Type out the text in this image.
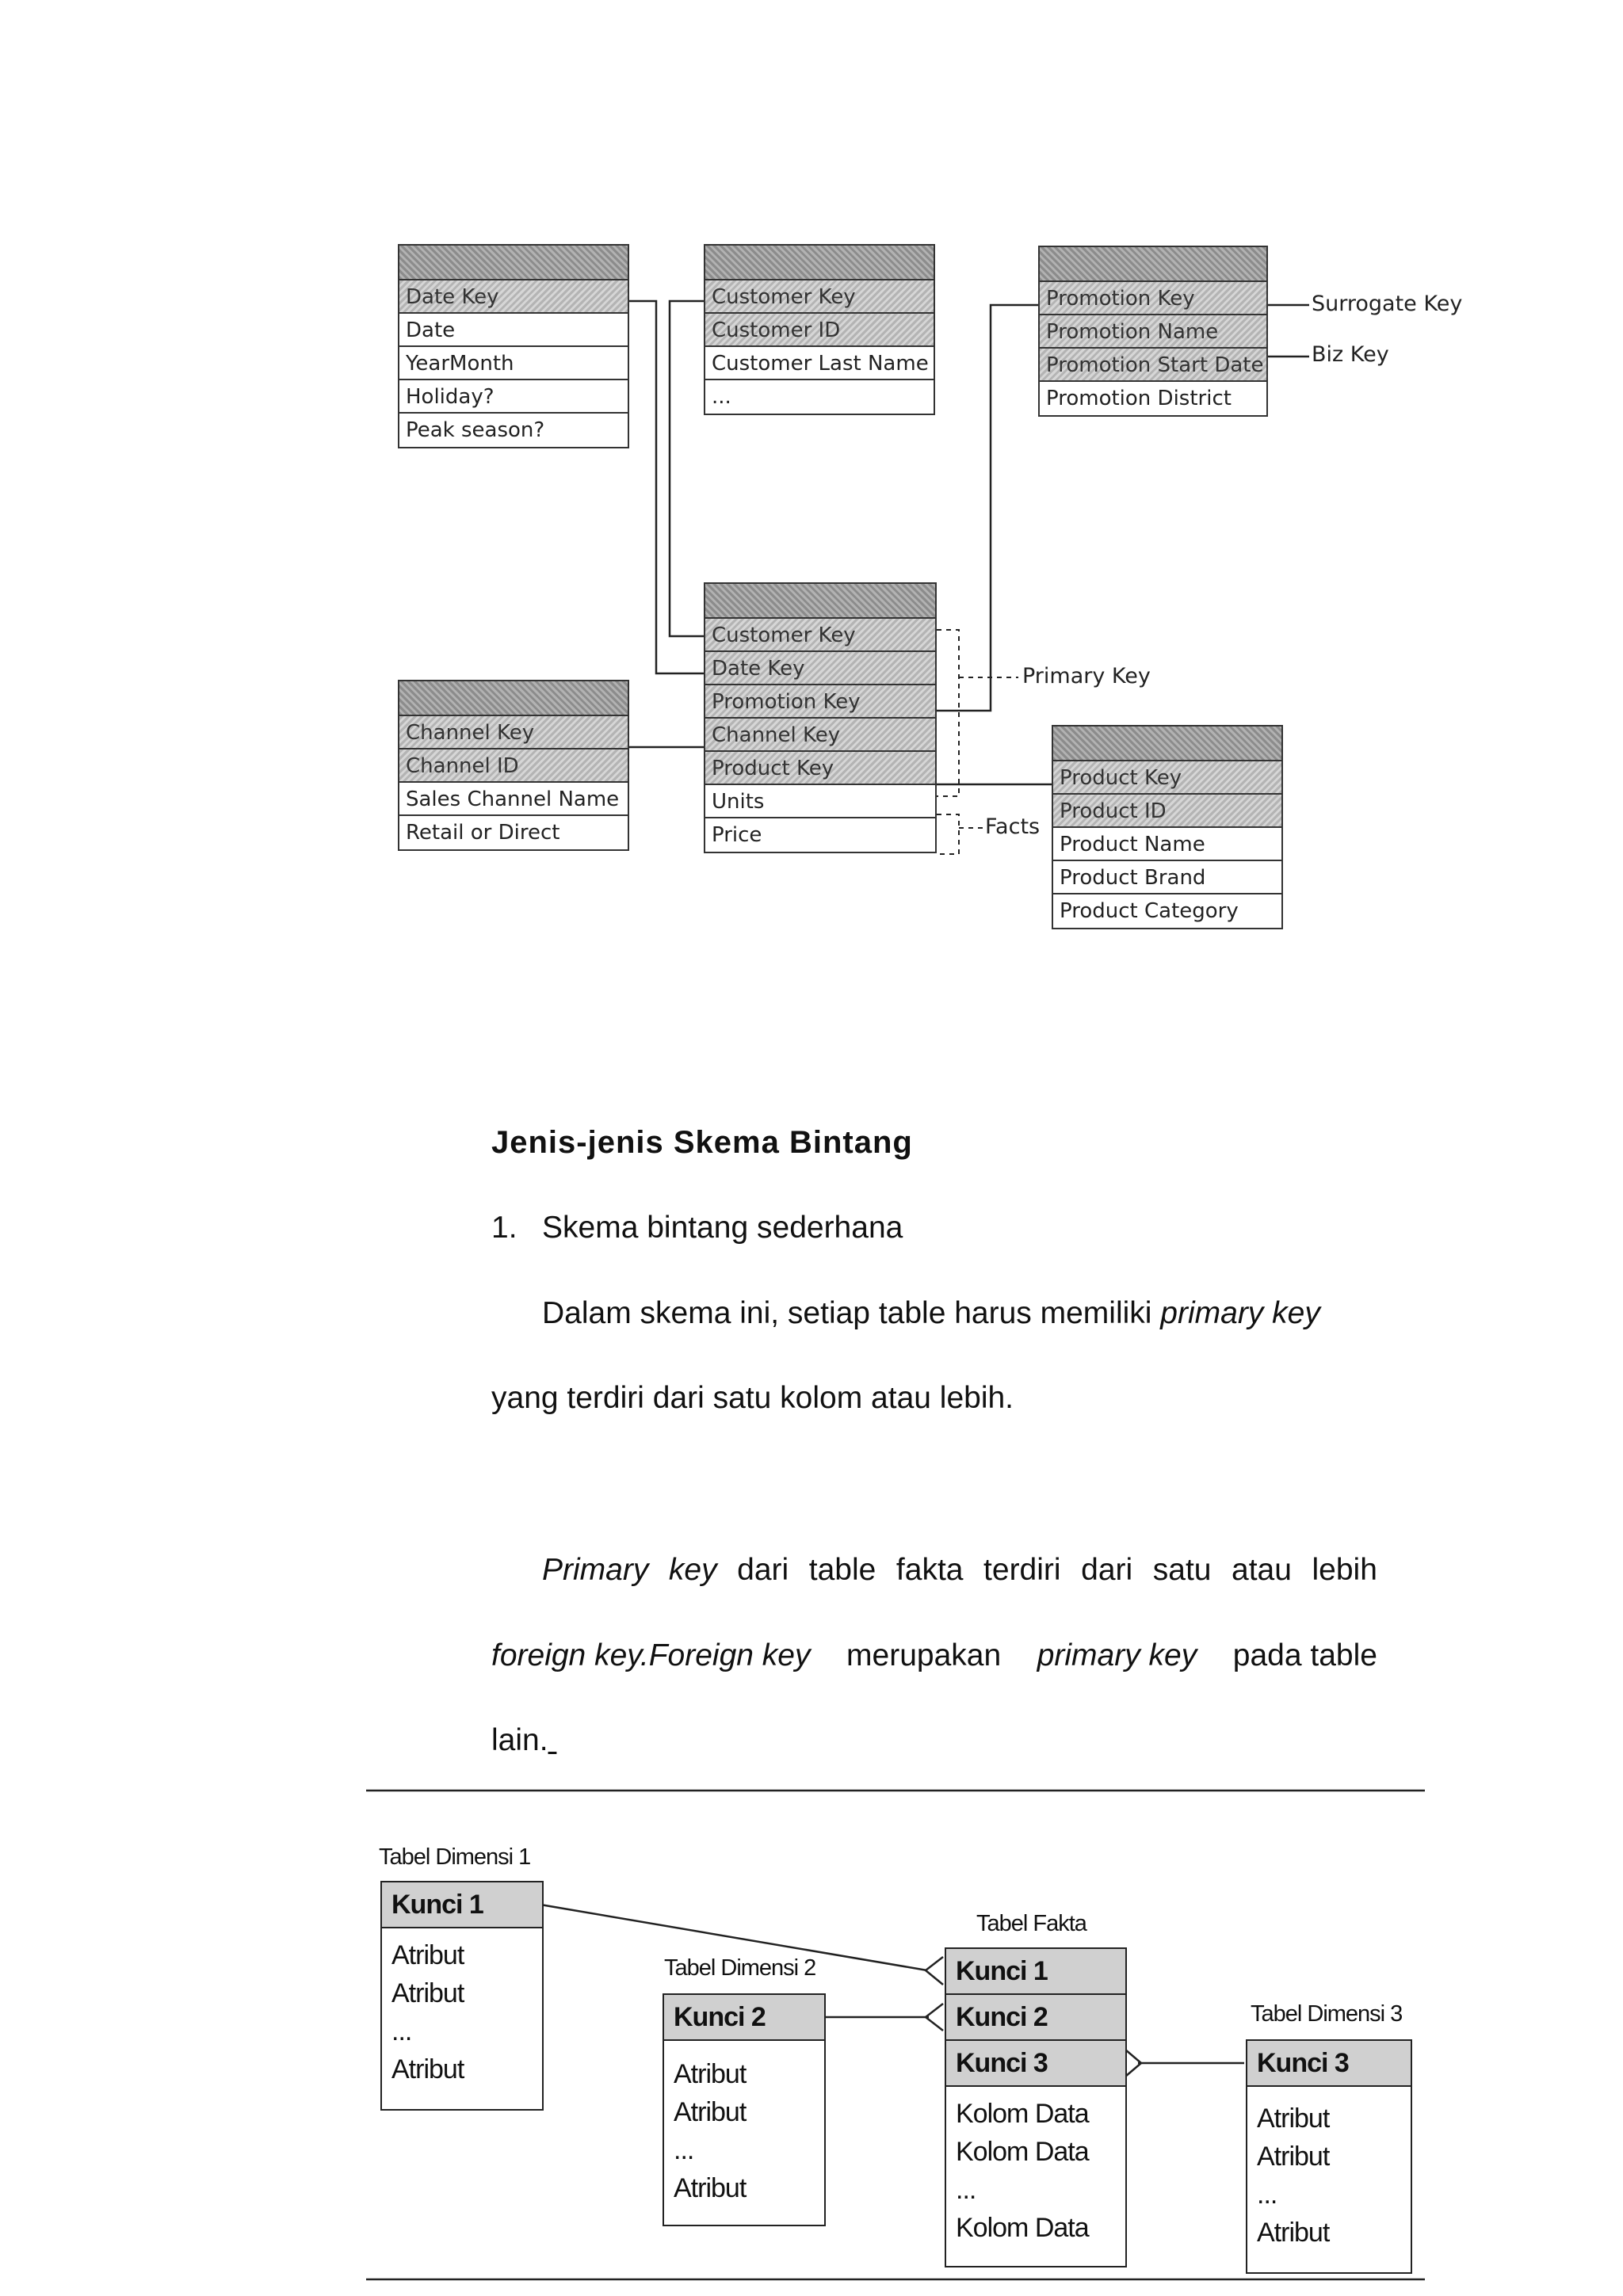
Date Key
Date
YearMonth
Holiday?
Peak season?
Customer Key
Customer ID
Customer Last Name
...
Promotion Key
Promotion Name
Promotion Start Date
Promotion District
Customer Key
Date Key
Promotion Key
Channel Key
Product Key
Units
Price
Channel Key
Channel ID
Sales Channel Name
Retail or Direct
Product Key
Product ID
Product Name
Product Brand
Product Category
Surrogate Key
Biz Key
Primary Key
Facts
Jenis-jenis Skema Bintang
1. Skema bintang sederhana
Dalam skema ini, setiap table harus memiliki primary key
yang terdiri dari satu kolom atau lebih.
Primary key dari table fakta terdiri dari satu atau lebih
foreign key.Foreign key merupakan primary key pada table
lain.
Tabel Dimensi 1
Kunci 1
Atribut
Atribut
...
Atribut
Tabel Dimensi 2
Kunci 2
Atribut
Atribut
...
Atribut
Tabel Fakta
Kunci 1
Kunci 2
Kunci 3
Kolom Data
Kolom Data
...
Kolom Data
Tabel Dimensi 3
Kunci 3
Atribut
Atribut
...
Atribut
